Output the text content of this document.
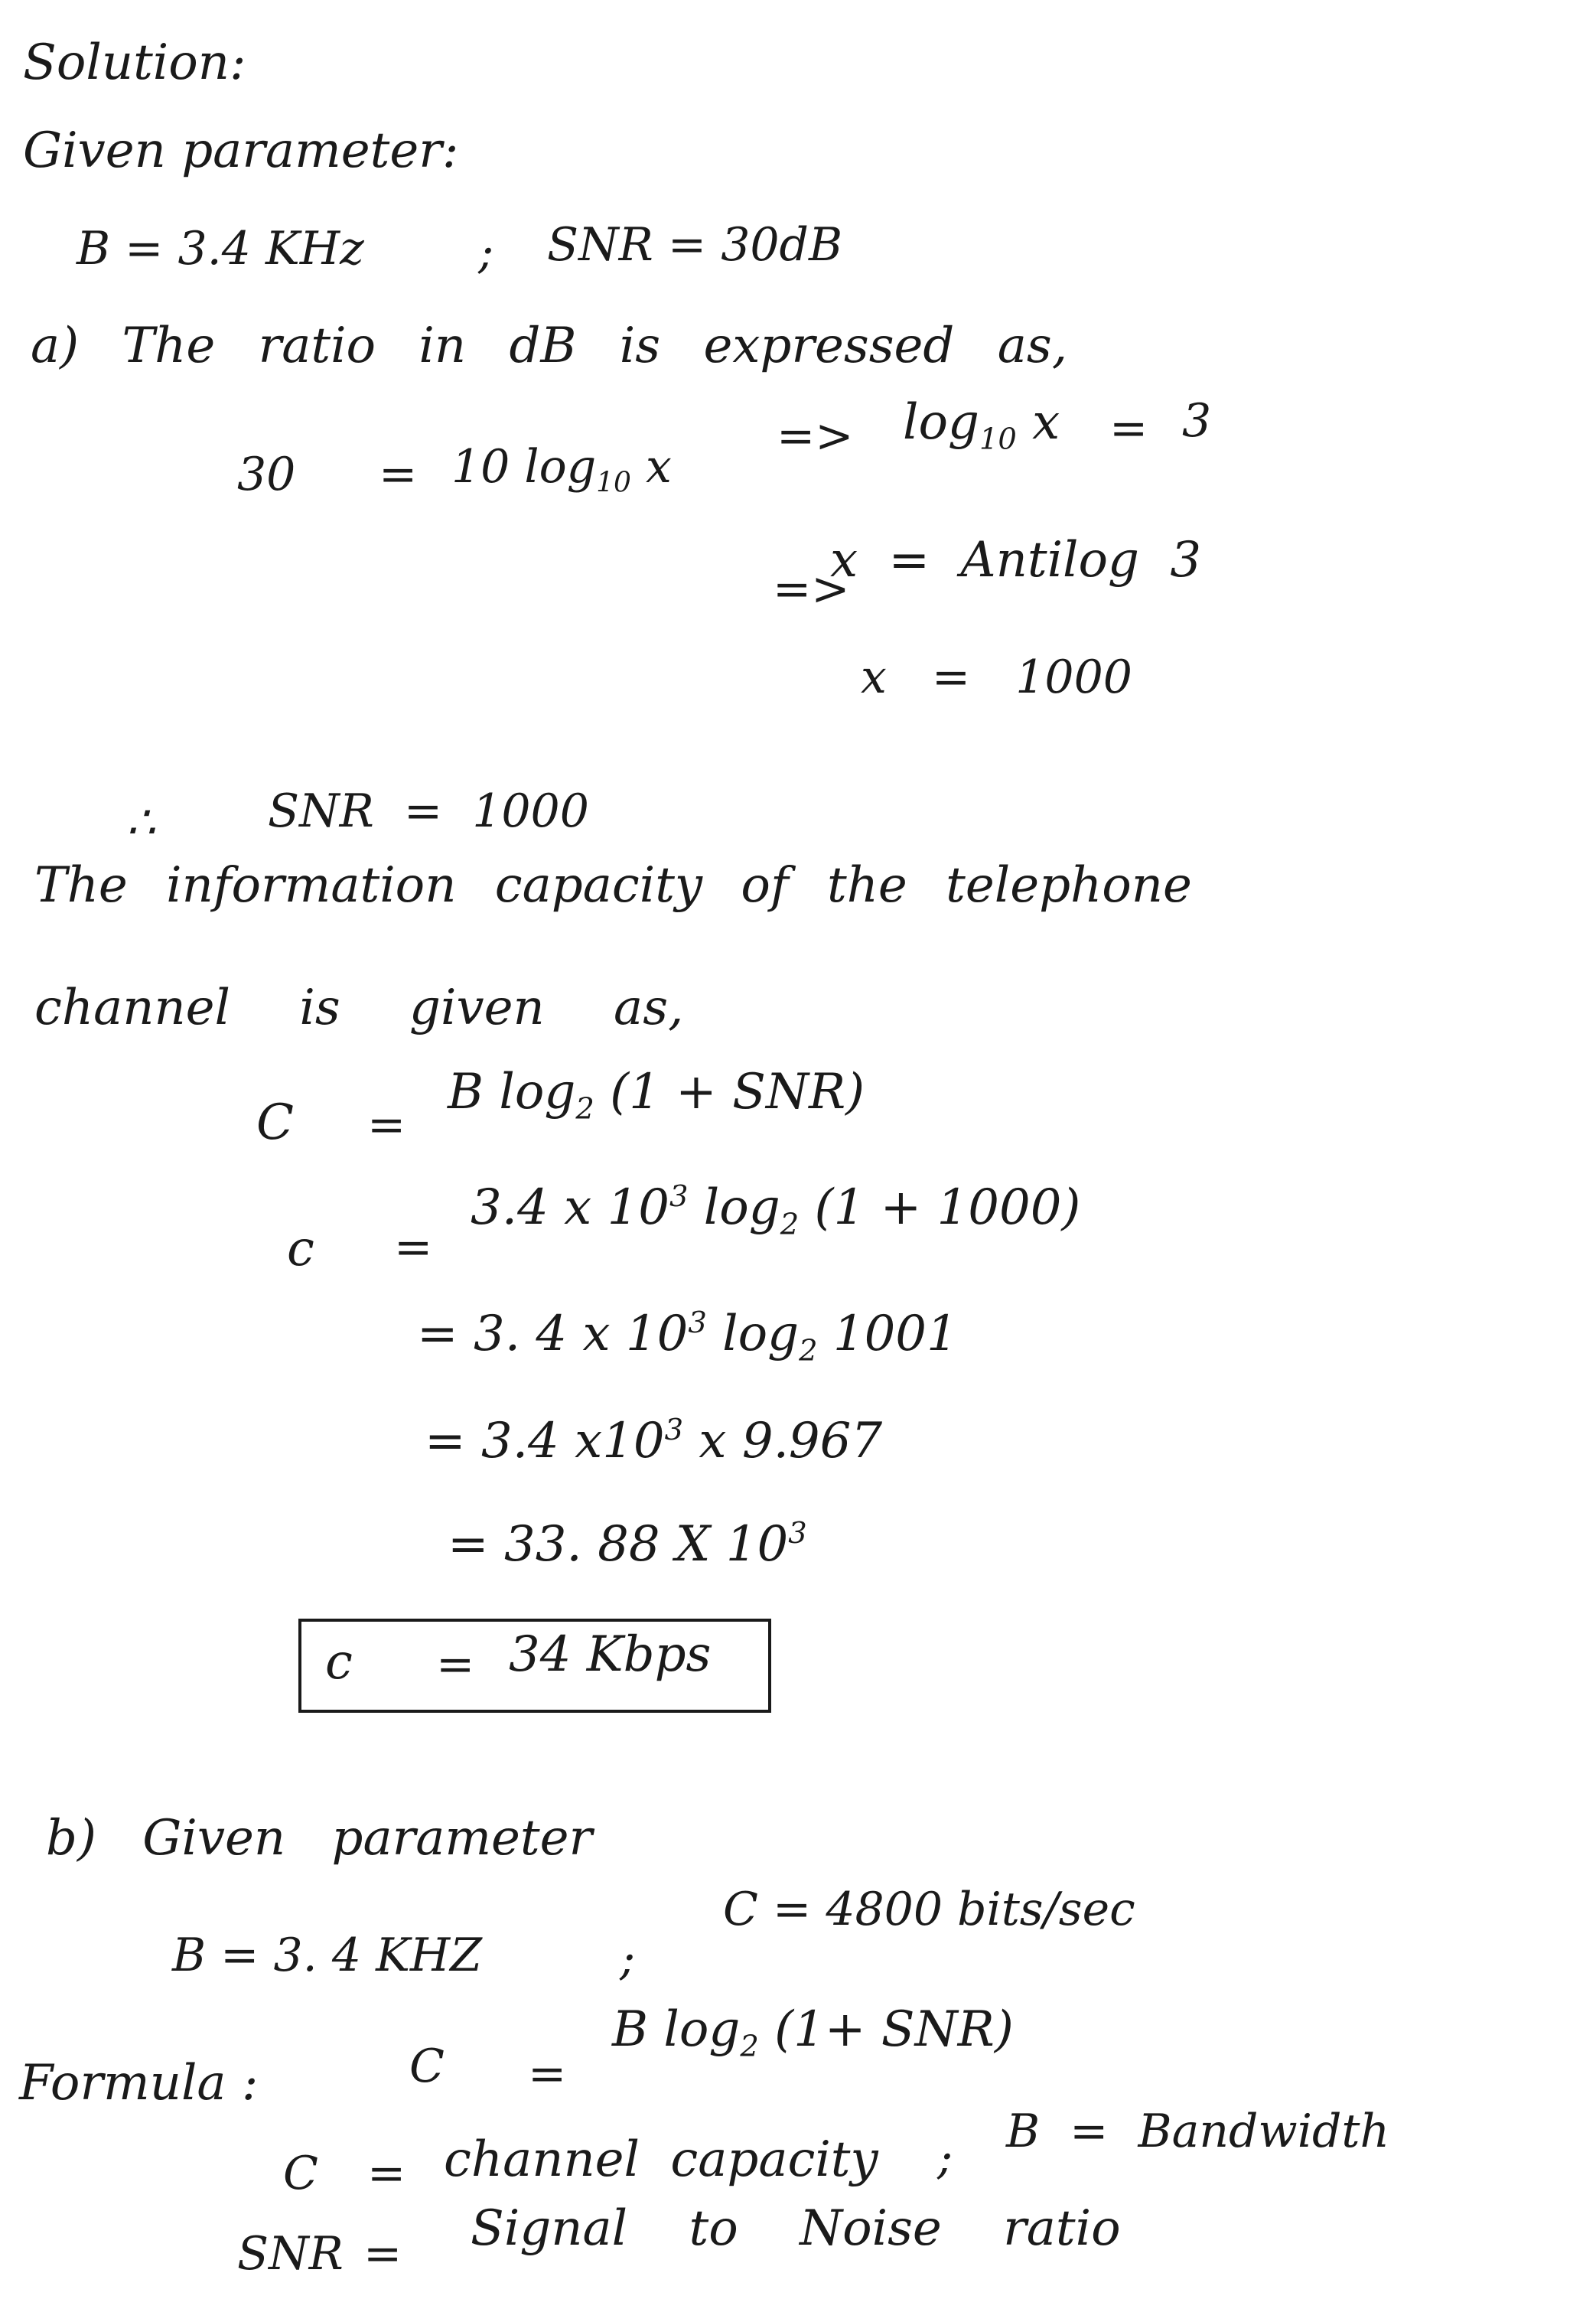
Solution:
Given parameter:
B = 3.4 KHz ; SNR = 30dB
a) The ratio in dB is expressed as,
30 = 10 $\log_{10} x$
=> $\log_{10} x = 3$
=>
x = Antilog 3
x = 1000
∴ SNR = 1000
The information capacity of the telephone
channel is given as,
C =
B $\log_2 (1 + SNR)$
c =
3.4 x $10^3$ $\log_2 (1 + 1000)$
= 3. 4 x $10^3$ $\log_2 1001$
= 3.4 $x10^3$ x 9.967
= 33. 88 X $10^3$
c = 34 Kbps
b) Given parameter
B = 3. 4 KHZ	;
C = 4800 bits/sec
Formula :	C =
B $\log_2 (1+ SNR)$
C = channel capacity ; B = Bandwidth
SNR = Signal to Noise ratio
